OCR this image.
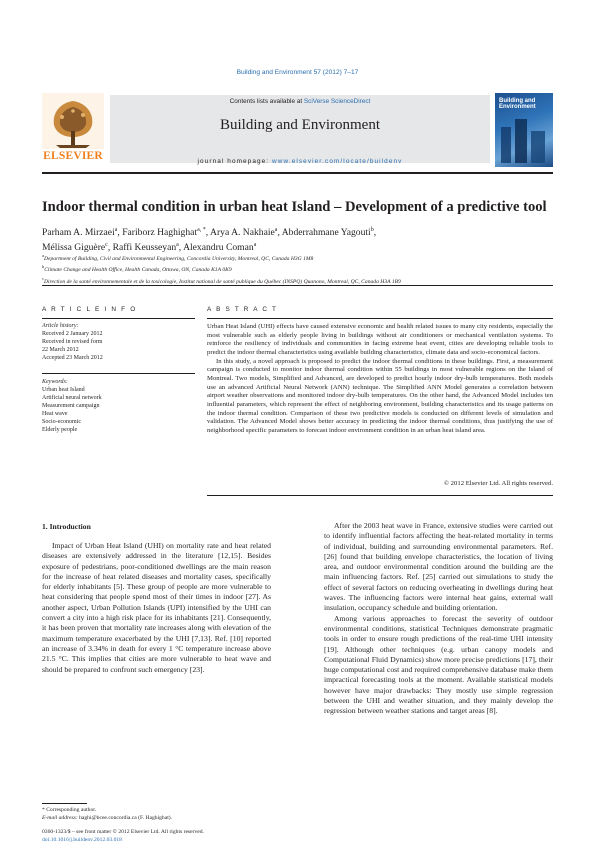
Building and Environment 57 (2012) 7–17
ELSEVIER
Contents lists available at SciVerse ScienceDirect
Building and Environment
journal homepage: www.elsevier.com/locate/buildenv
Building and Environment
Indoor thermal condition in urban heat Island – Development of a predictive tool
Parham A. Mirzaei$^a$, Fariborz Haghighat$^{a, *}$, Arya A. Nakhaie$^a$, Abderrahmane Yagouti$^b$,
Mélissa Giguère$^c$, Raffi Keusseyan$^a$, Alexandru Coman$^a$
$^a$Department of Building, Civil and Environmental Engineering, Concordia University, Montreal, QC, Canada H3G 1M8
$^b$Climate Change and Health Office, Health Canada, Ottawa, ON, Canada K1A 0K9
$^c$Direction de la santé environnementale et de la toxicologie, Institut national de santé publique du Québec (INSPQ) Quanono, Montreal, QC, Canada H3A 1B9
A R T I C L E I N F O	A B S T R A C T
Article history:
Received 2 January 2012
Received in revised form
22 March 2012
Accepted 23 March 2012
Keywords:
Urban heat Island
Artificial neural network
Measurement campaign
Heat wave
Socio-economic
Elderly people

Urban Heat Island (UHI) effects have caused extensive economic and health related issues to many city residents, especially the most vulnerable such as elderly people living in buildings without air conditioners or mechanical ventilation systems. To reinforce the resiliency of individuals and communities in facing extreme heat event, cities are developing reliable tools to predict the indoor thermal characteristics using available building characteristics, climate data and socio-economical factors.

In this study, a novel approach is proposed to predict the indoor thermal conditions in these buildings. First, a measurement campaign is conducted to monitor indoor thermal condition within 55 buildings in most vulnerable regions on the Island of Montreal. Two models, Simplified and Advanced, are developed to predict hourly indoor dry-bulb temperatures. Both models use an advanced Artificial Neural Network (ANN) technique. The Simplified ANN Model generates a correlation between airport weather observations and monitored indoor dry-bulb temperatures. On the other hand, the Advanced Model includes ten influential parameters, which represent the effect of neighboring environment, building characteristics and its usage patterns on the indoor thermal condition. Comparison of these two predictive models is conducted on different levels of simulation and validation. The Advanced Model shows better accuracy in predicting the indoor thermal conditions, thus justifying the use of neighborhood specific parameters to forecast indoor environment condition in an urban heat island area.

© 2012 Elsevier Ltd. All rights reserved.
1. Introduction

Impact of Urban Heat Island (UHI) on mortality rate and heat related diseases are extensively addressed in the literature [12,15]. Besides exposure of pedestrians, poor-conditioned dwellings are the main reason for the increase of heat related diseases and mortality cases, specifically for elderly inhabitants [5]. These group of people are more vulnerable to heat considering that people spend most of their times in indoor [27]. As another aspect, Urban Pollution Islands (UPI) intensified by the UHI can convert a city into a high risk place for its inhabitants [21]. Consequently, it has been proven that mortality rate increases along with elevation of the maximum temperature exacerbated by the UHI [7,13]. Ref. [10] reported an increase of 3.34% in death for every 1 °C temperature increase above 21.5 °C. This implies that cities are more vulnerable to heat wave and should be prepared to confront such emergency [23].

After the 2003 heat wave in France, extensive studies were carried out to identify influential factors affecting the heat-related mortality in terms of individual, building and surrounding environmental parameters. Ref. [26] found that building envelope characteristics, the location of living area, and outdoor environmental condition around the building are the main influencing factors. Ref. [25] carried out simulations to study the effect of several factors on reducing overheating in dwellings during heat waves. The influencing factors were internal heat gains, external wall insulation, occupancy schedule and building orientation.

Among various approaches to forecast the severity of outdoor environmental conditions, statistical Techniques demonstrate pragmatic tools in order to ensure rough predictions of the real-time UHI intensity [19]. Although other techniques (e.g. urban canopy models and Computational Fluid Dynamics) show more precise predictions [17], their huge computational cost and required comprehensive database make them impractical forecasting tools at the moment. Available statistical models however have major drawbacks: They mostly use simple regression between the UHI and weather situation, and they mainly develop the regression between weather stations and target areas [8].

* Corresponding author.
E-mail address: haghi@bcee.concordia.ca (F. Haghighat).
0360-1323/$ – see front matter © 2012 Elsevier Ltd. All rights reserved.
doi:10.1016/j.buildenv.2012.03.018
